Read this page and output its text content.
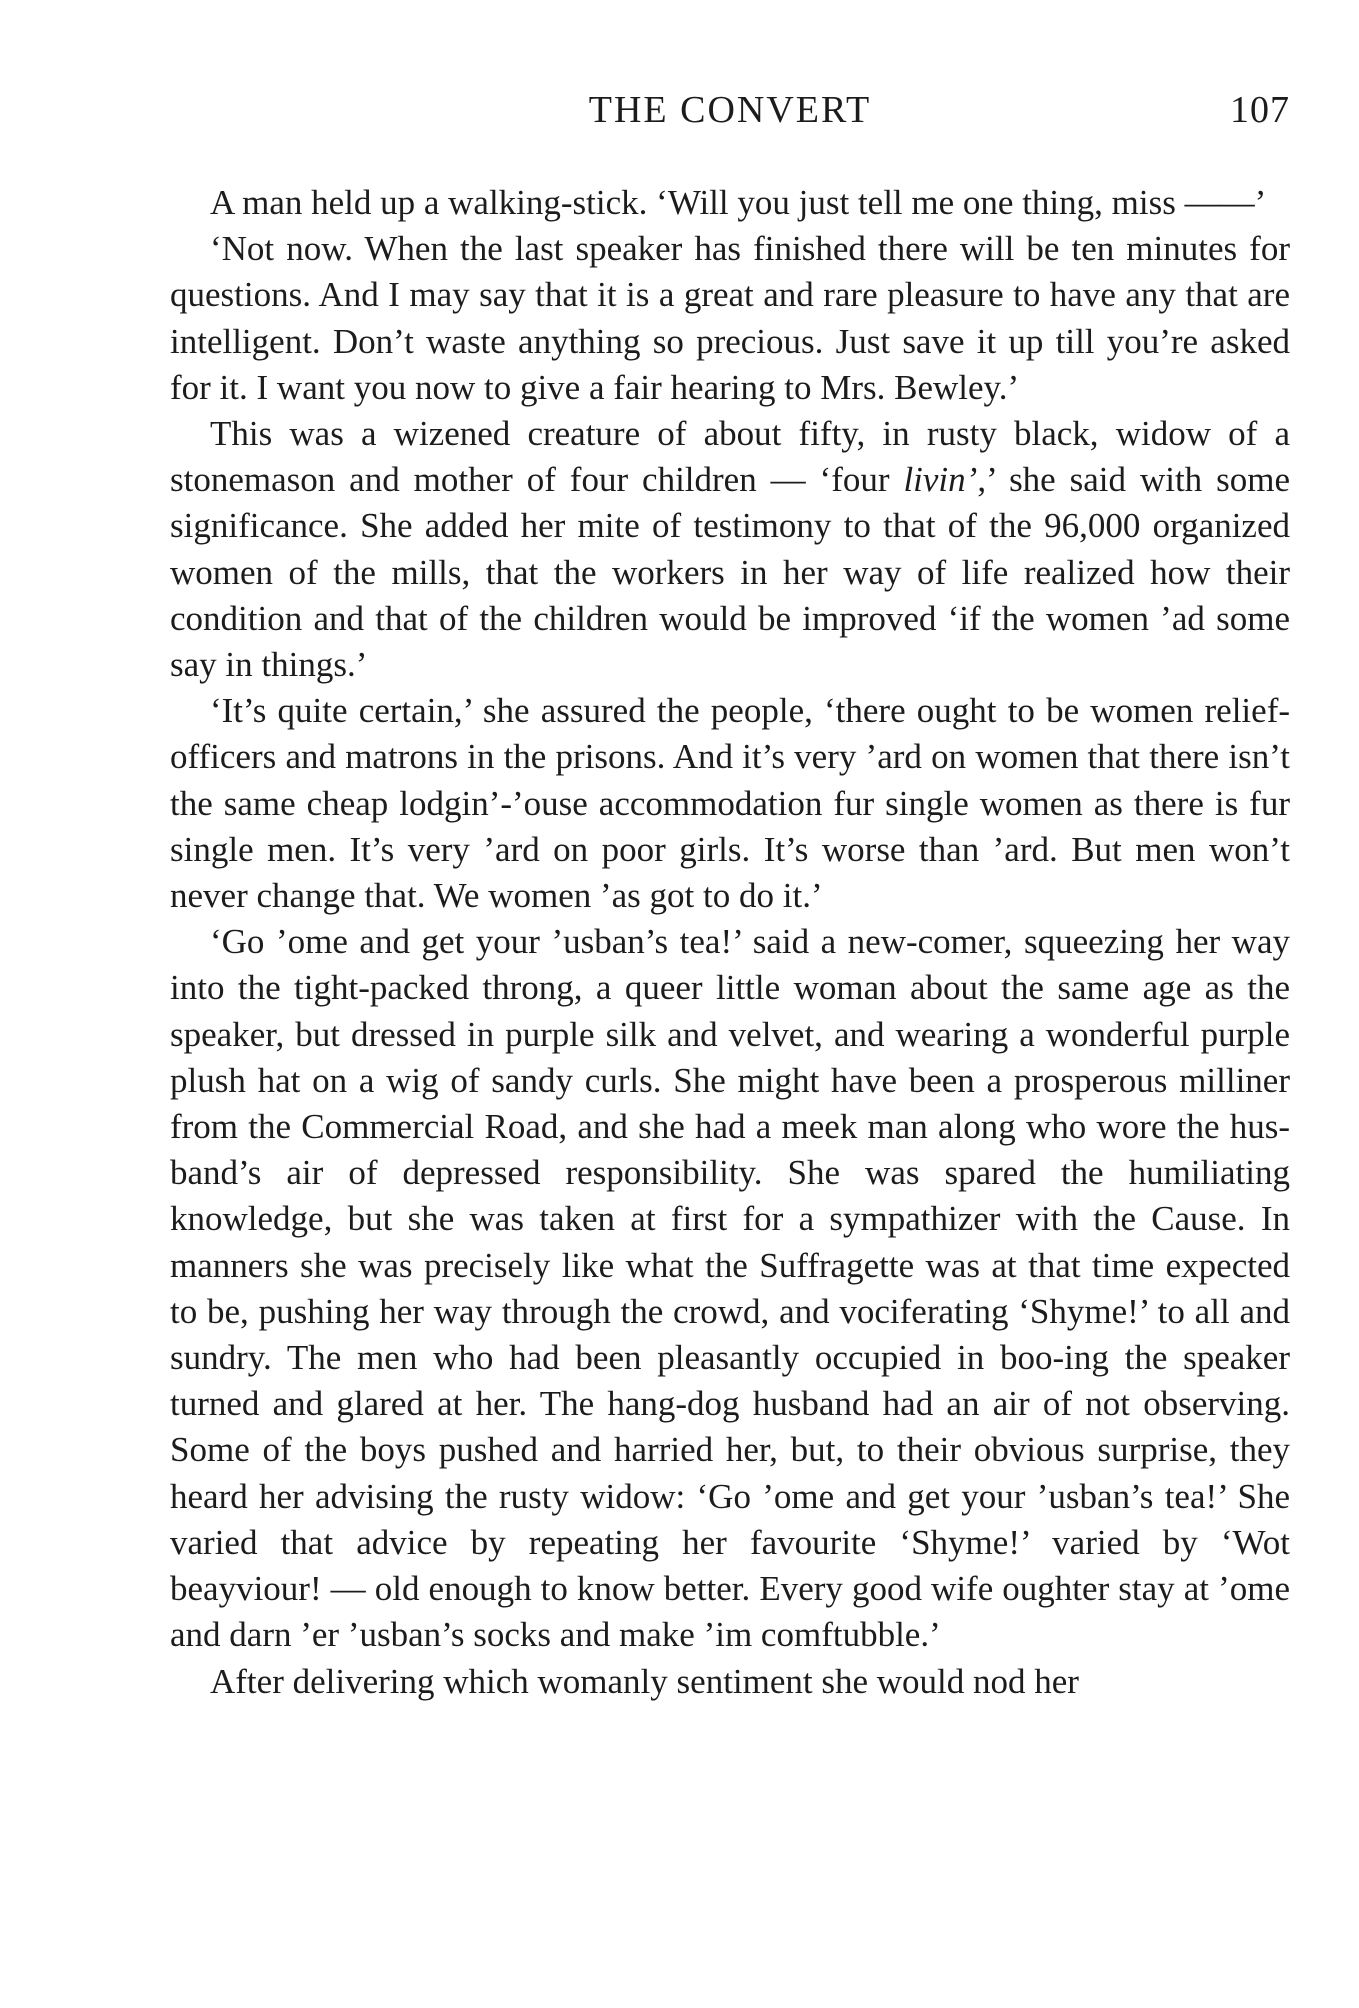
THE CONVERT	107

A man held up a walking-stick. ‘Will you just tell me one thing, miss ——’

‘Not now. When the last speaker has finished there will be ten minutes for questions. And I may say that it is a great and rare pleasure to have any that are intelligent. Don’t waste anything so precious. Just save it up till you’re asked for it. I want you now to give a fair hearing to Mrs. Bewley.’

This was a wizened creature of about fifty, in rusty black, widow of a stonemason and mother of four children — ‘four livin’,’ she said with some significance. She added her mite of testimony to that of the 96,000 organized women of the mills, that the workers in her way of life realized how their condition and that of the children would be improved ‘if the women ’ad some say in things.’

‘It’s quite certain,’ she assured the people, ‘there ought to be women relief-officers and matrons in the prisons. And it’s very ’ard on women that there isn’t the same cheap lodgin’-’ouse accommodation fur single women as there is fur single men. It’s very ’ard on poor girls. It’s worse than ’ard. But men won’t never change that. We women ’as got to do it.’

‘Go ’ome and get your ’usban’s tea!’ said a new-comer, squeezing her way into the tight-packed throng, a queer little woman about the same age as the speaker, but dressed in purple silk and velvet, and wearing a wonderful purple plush hat on a wig of sandy curls. She might have been a prosperous milliner from the Commercial Road, and she had a meek man along who wore the husband’s air of depressed responsibility. She was spared the humiliating knowledge, but she was taken at first for a sympathizer with the Cause. In manners she was precisely like what the Suffragette was at that time expected to be, pushing her way through the crowd, and vociferating ‘Shyme!’ to all and sundry. The men who had been pleasantly occupied in boo-ing the speaker turned and glared at her. The hang-dog husband had an air of not observing. Some of the boys pushed and harried her, but, to their obvious surprise, they heard her advising the rusty widow: ‘Go ’ome and get your ’usban’s tea!’ She varied that advice by repeating her favourite ‘Shyme!’ varied by ‘Wot beayviour! — old enough to know better. Every good wife oughter stay at ’ome and darn ’er ’usban’s socks and make ’im comftubble.’

After delivering which womanly sentiment she would nod her
